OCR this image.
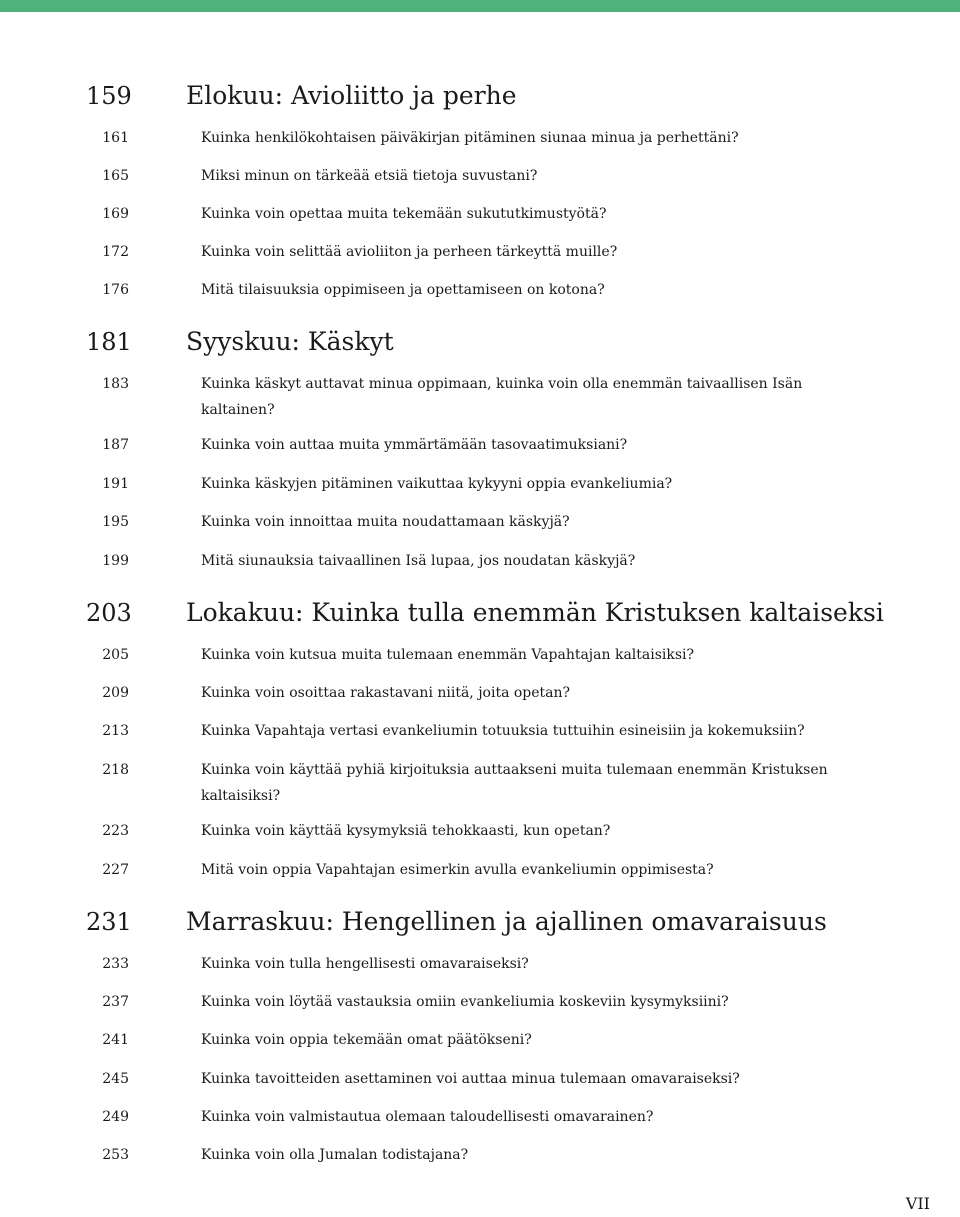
159 Elokuu: Avioliitto ja perhe
161	Kuinka henkilökohtaisen päiväkirjan pitäminen siunaa minua ja perhettäni?
165	Miksi minun on tärkeää etsiä tietoja suvustani?
169	Kuinka voin opettaa muita tekemään sukututkimustyötä?
172	Kuinka voin selittää avioliiton ja perheen tärkeyttä muille?
176	Mitä tilaisuuksia oppimiseen ja opettamiseen on kotona?
181 Syyskuu: Käskyt
183	Kuinka käskyt auttavat minua oppimaan, kuinka voin olla enemmän taivaallisen Isän kaltainen?
187	Kuinka voin auttaa muita ymmärtämään tasovaatimuksiani?
191	Kuinka käskyjen pitäminen vaikuttaa kykyyni oppia evankeliumia?
195	Kuinka voin innoittaa muita noudattamaan käskyjä?
199	Mitä siunauksia taivaallinen Isä lupaa, jos noudatan käskyjä?
203 Lokakuu: Kuinka tulla enemmän Kristuksen kaltaiseksi
205	Kuinka voin kutsua muita tulemaan enemmän Vapahtajan kaltaisiksi?
209	Kuinka voin osoittaa rakastavani niitä, joita opetan?
213	Kuinka Vapahtaja vertasi evankeliumin totuuksia tuttuihin esineisiin ja kokemuksiin?
218	Kuinka voin käyttää pyhiä kirjoituksia auttaakseni muita tulemaan enemmän Kristuksen kaltaisiksi?
223	Kuinka voin käyttää kysymyksiä tehokkaasti, kun opetan?
227	Mitä voin oppia Vapahtajan esimerkin avulla evankeliumin oppimisesta?
231 Marraskuu: Hengellinen ja ajallinen omavaraisuus
233	Kuinka voin tulla hengellisesti omavaraiseksi?
237	Kuinka voin löytää vastauksia omiin evankeliumia koskeviin kysymyksiini?
241	Kuinka voin oppia tekemään omat päätökseni?
245	Kuinka tavoitteiden asettaminen voi auttaa minua tulemaan omavaraiseksi?
249	Kuinka voin valmistautua olemaan taloudellisesti omavarainen?
253	Kuinka voin olla Jumalan todistajana?
VII
